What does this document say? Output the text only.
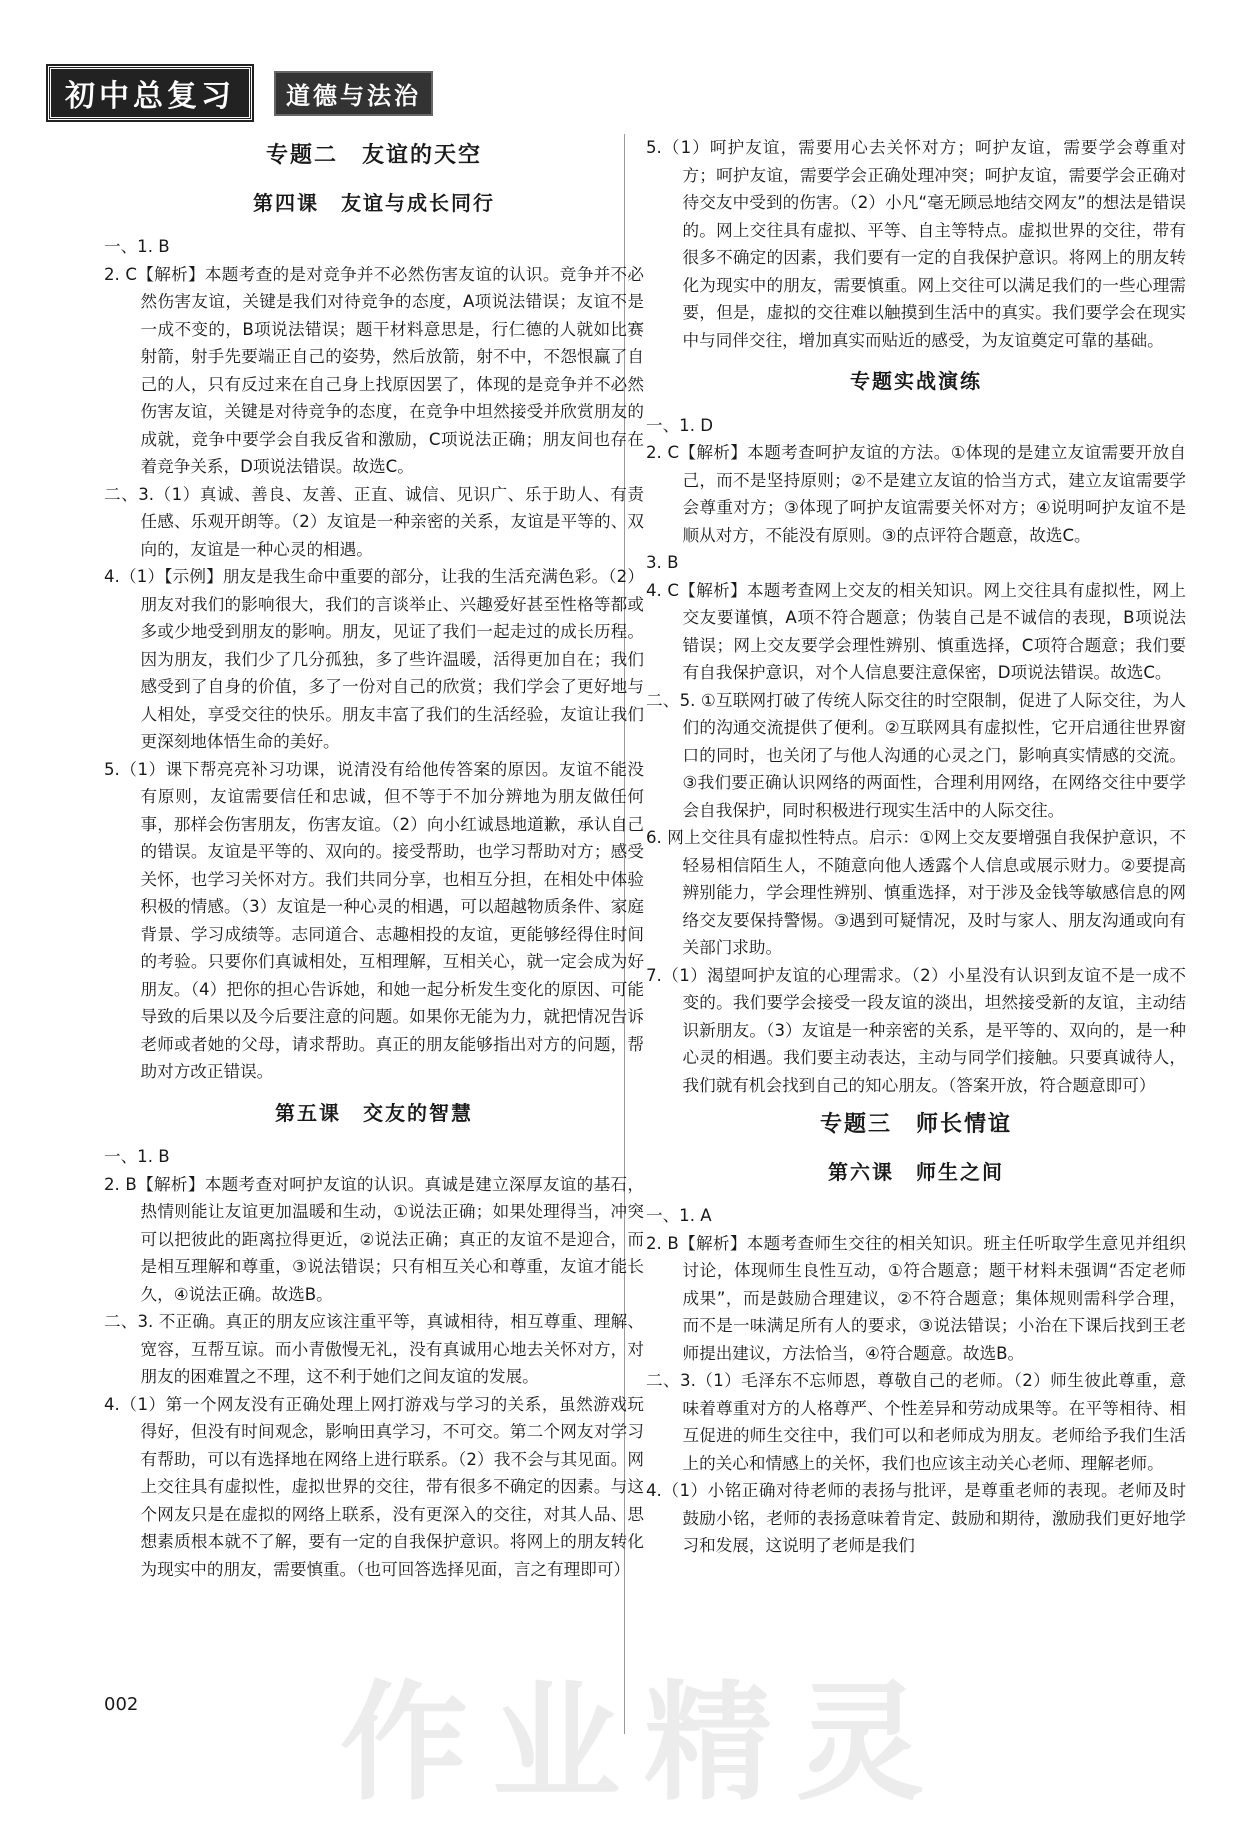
初中总复习	道德与法治
专题二　友谊的天空
第四课　友谊与成长同行

一、1. B

2. C【解析】本题考查的是对竞争并不必然伤害友谊的认识。竞争并不必然伤害友谊，关键是我们对待竞争的态度，A项说法错误；友谊不是一成不变的，B项说法错误；题干材料意思是，行仁德的人就如比赛射箭，射手先要端正自己的姿势，然后放箭，射不中，不怨恨赢了自己的人，只有反过来在自己身上找原因罢了，体现的是竞争并不必然伤害友谊，关键是对待竞争的态度，在竞争中坦然接受并欣赏朋友的成就，竞争中要学会自我反省和激励，C项说法正确；朋友间也存在着竞争关系，D项说法错误。故选C。

二、3.（1）真诚、善良、友善、正直、诚信、见识广、乐于助人、有责任感、乐观开朗等。（2）友谊是一种亲密的关系，友谊是平等的、双向的，友谊是一种心灵的相遇。

4.（1）【示例】朋友是我生命中重要的部分，让我的生活充满色彩。（2）朋友对我们的影响很大，我们的言谈举止、兴趣爱好甚至性格等都或多或少地受到朋友的影响。朋友，见证了我们一起走过的成长历程。因为朋友，我们少了几分孤独，多了些许温暖，活得更加自在；我们感受到了自身的价值，多了一份对自己的欣赏；我们学会了更好地与人相处，享受交往的快乐。朋友丰富了我们的生活经验，友谊让我们更深刻地体悟生命的美好。

5.（1）课下帮亮亮补习功课，说清没有给他传答案的原因。友谊不能没有原则，友谊需要信任和忠诚，但不等于不加分辨地为朋友做任何事，那样会伤害朋友，伤害友谊。（2）向小红诚恳地道歉，承认自己的错误。友谊是平等的、双向的。接受帮助，也学习帮助对方；感受关怀，也学习关怀对方。我们共同分享，也相互分担，在相处中体验积极的情感。（3）友谊是一种心灵的相遇，可以超越物质条件、家庭背景、学习成绩等。志同道合、志趣相投的友谊，更能够经得住时间的考验。只要你们真诚相处，互相理解，互相关心，就一定会成为好朋友。（4）把你的担心告诉她，和她一起分析发生变化的原因、可能导致的后果以及今后要注意的问题。如果你无能为力，就把情况告诉老师或者她的父母，请求帮助。真正的朋友能够指出对方的问题，帮助对方改正错误。

第五课　交友的智慧

一、1. B

2. B【解析】本题考查对呵护友谊的认识。真诚是建立深厚友谊的基石，热情则能让友谊更加温暖和生动，①说法正确；如果处理得当，冲突可以把彼此的距离拉得更近，②说法正确；真正的友谊不是迎合，而是相互理解和尊重，③说法错误；只有相互关心和尊重，友谊才能长久，④说法正确。故选B。

二、3. 不正确。真正的朋友应该注重平等，真诚相待，相互尊重、理解、宽容，互帮互谅。而小青傲慢无礼，没有真诚用心地去关怀对方，对朋友的困难置之不理，这不利于她们之间友谊的发展。

4.（1）第一个网友没有正确处理上网打游戏与学习的关系，虽然游戏玩得好，但没有时间观念，影响田真学习，不可交。第二个网友对学习有帮助，可以有选择地在网络上进行联系。（2）我不会与其见面。网上交往具有虚拟性，虚拟世界的交往，带有很多不确定的因素。与这个网友只是在虚拟的网络上联系，没有更深入的交往，对其人品、思想素质根本就不了解，要有一定的自我保护意识。将网上的朋友转化为现实中的朋友，需要慎重。（也可回答选择见面，言之有理即可）

5.（1）呵护友谊，需要用心去关怀对方；呵护友谊，需要学会尊重对方；呵护友谊，需要学会正确处理冲突；呵护友谊，需要学会正确对待交友中受到的伤害。（2）小凡“毫无顾忌地结交网友”的想法是错误的。网上交往具有虚拟、平等、自主等特点。虚拟世界的交往，带有很多不确定的因素，我们要有一定的自我保护意识。将网上的朋友转化为现实中的朋友，需要慎重。网上交往可以满足我们的一些心理需要，但是，虚拟的交往难以触摸到生活中的真实。我们要学会在现实中与同伴交往，增加真实而贴近的感受，为友谊奠定可靠的基础。

专题实战演练

一、1. D

2. C【解析】本题考查呵护友谊的方法。①体现的是建立友谊需要开放自己，而不是坚持原则；②不是建立友谊的恰当方式，建立友谊需要学会尊重对方；③体现了呵护友谊需要关怀对方；④说明呵护友谊不是顺从对方，不能没有原则。③的点评符合题意，故选C。

3. B

4. C【解析】本题考查网上交友的相关知识。网上交往具有虚拟性，网上交友要谨慎，A项不符合题意；伪装自己是不诚信的表现，B项说法错误；网上交友要学会理性辨别、慎重选择，C项符合题意；我们要有自我保护意识，对个人信息要注意保密，D项说法错误。故选C。

二、5. ①互联网打破了传统人际交往的时空限制，促进了人际交往，为人们的沟通交流提供了便利。②互联网具有虚拟性，它开启通往世界窗口的同时，也关闭了与他人沟通的心灵之门，影响真实情感的交流。③我们要正确认识网络的两面性，合理利用网络，在网络交往中要学会自我保护，同时积极进行现实生活中的人际交往。

6. 网上交往具有虚拟性特点。启示：①网上交友要增强自我保护意识，不轻易相信陌生人，不随意向他人透露个人信息或展示财力。②要提高辨别能力，学会理性辨别、慎重选择，对于涉及金钱等敏感信息的网络交友要保持警惕。③遇到可疑情况，及时与家人、朋友沟通或向有关部门求助。

7.（1）渴望呵护友谊的心理需求。（2）小星没有认识到友谊不是一成不变的。我们要学会接受一段友谊的淡出，坦然接受新的友谊，主动结识新朋友。（3）友谊是一种亲密的关系，是平等的、双向的，是一种心灵的相遇。我们要主动表达，主动与同学们接触。只要真诚待人，我们就有机会找到自己的知心朋友。（答案开放，符合题意即可）

专题三　师长情谊
第六课　师生之间

一、1. A

2. B【解析】本题考查师生交往的相关知识。班主任听取学生意见并组织讨论，体现师生良性互动，①符合题意；题干材料未强调“否定老师成果”，而是鼓励合理建议，②不符合题意；集体规则需科学合理，而不是一味满足所有人的要求，③说法错误；小治在下课后找到王老师提出建议，方法恰当，④符合题意。故选B。

二、3.（1）毛泽东不忘师恩，尊敬自己的老师。（2）师生彼此尊重，意味着尊重对方的人格尊严、个性差异和劳动成果等。在平等相待、相互促进的师生交往中，我们可以和老师成为朋友。老师给予我们生活上的关心和情感上的关怀，我们也应该主动关心老师、理解老师。

4.（1）小铭正确对待老师的表扬与批评，是尊重老师的表现。老师及时鼓励小铭，老师的表扬意味着肯定、鼓励和期待，激励我们更好地学习和发展，这说明了老师是我们

作业精灵
002
